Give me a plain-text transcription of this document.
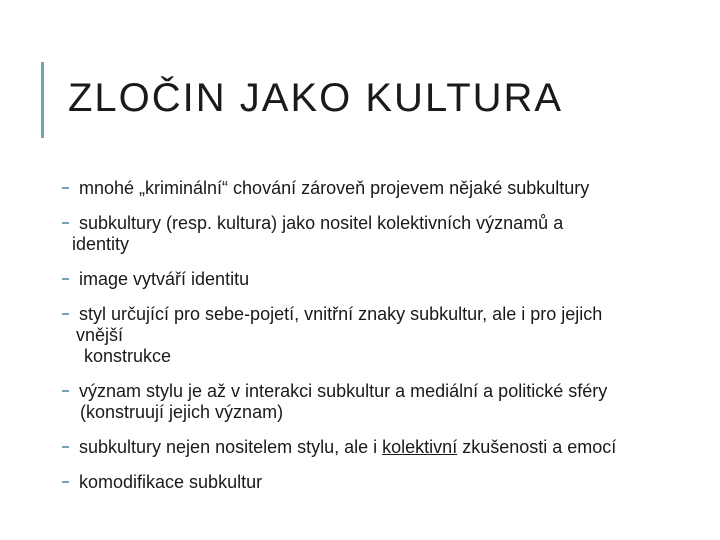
ZLOČIN JAKO KULTURA
mnohé „kriminální“ chování zároveň projevem nějaké subkultury
subkultury (resp. kultura) jako nositel kolektivních významů a
identity
image vytváří identitu
styl určující pro sebe-pojetí, vnitřní znaky subkultur, ale i pro jejich
vnější
konstrukce
význam stylu je až v interakci subkultur a mediální a politické sféry
(konstruují jejich význam)
subkultury nejen nositelem stylu, ale i kolektivní zkušenosti a emocí
komodifikace subkultur
